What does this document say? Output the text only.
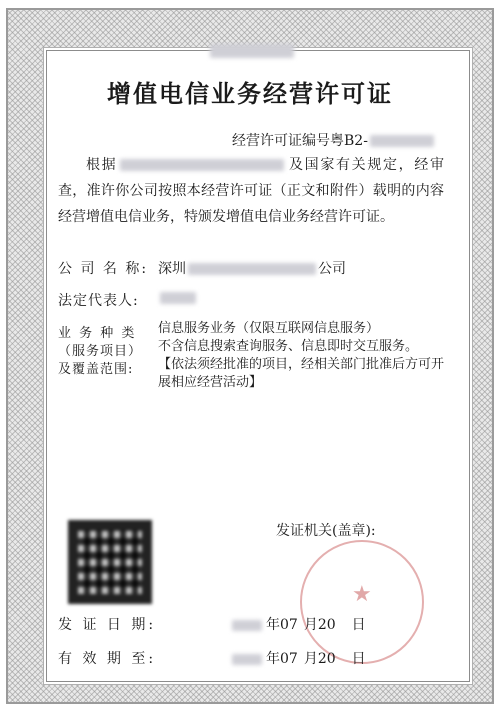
增值电信业务经营许可证
经营许可证编号粤B2-
根据	及国家有关规定，经审查，准许你公司按照本经营许可证（正文和附件）载明的内容经营增值电信业务，特颁发增值电信业务经营许可证。
公 司 名 称: 深圳	公司
法定代表人:
业 务 种 类
（服务项目）
及覆盖范围:
信息服务业务（仅限互联网信息服务）
不含信息搜索查询服务、信息即时交互服务。
【依法须经批准的项目，经相关部门批准后方可开展相应经营活动】
发证机关(盖章):
★
发 证 日 期:	年07 月20 日
有 效 期 至:	年07 月20 日
